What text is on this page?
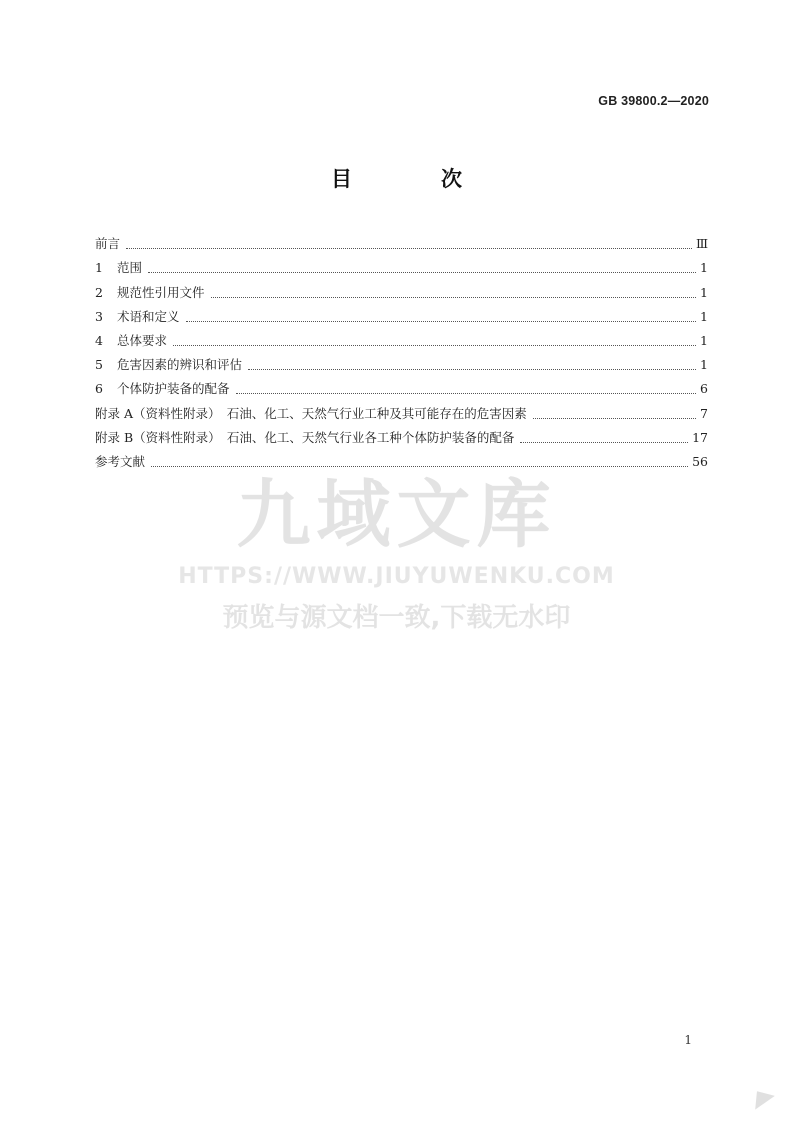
GB 39800.2—2020
目　次
前言	Ⅲ
1 范围	1
2 规范性引用文件	1
3 术语和定义	1
4 总体要求	1
5 危害因素的辨识和评估	1
6 个体防护装备的配备	6
附录 A（资料性附录）　石油、化工、天然气行业工种及其可能存在的危害因素	7
附录 B（资料性附录）　石油、化工、天然气行业各工种个体防护装备的配备	17
参考文献	56
九域文库
HTTPS://WWW.JIUYUWENKU.COM
预览与源文档一致,下载无水印
1
